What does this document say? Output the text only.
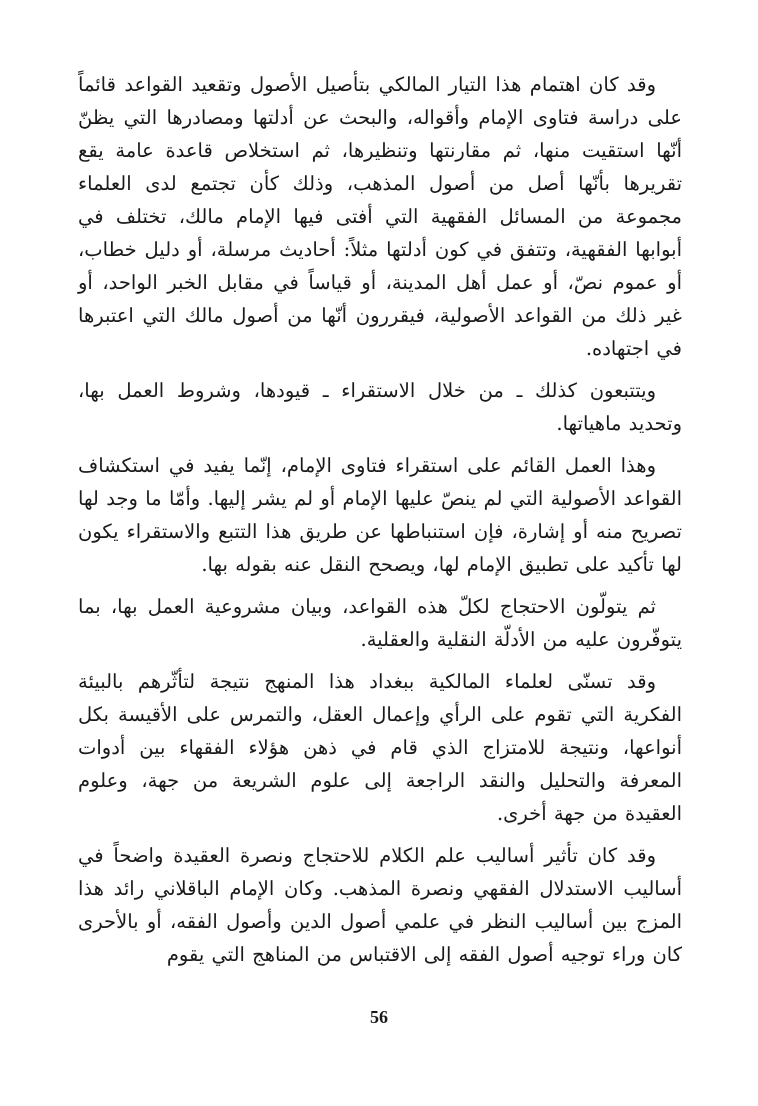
وقد كان اهتمام هذا التيار المالكي بتأصيل الأصول وتقعيد القواعد قائماً على دراسة فتاوى الإمام وأقواله، والبحث عن أدلتها ومصادرها التي يظنّ أنّها استقيت منها، ثم مقارنتها وتنظيرها، ثم استخلاص قاعدة عامة يقع تقريرها بأنّها أصل من أصول المذهب، وذلك كأن تجتمع لدى العلماء مجموعة من المسائل الفقهية التي أفتى فيها الإمام مالك، تختلف في أبوابها الفقهية، وتتفق في كون أدلتها مثلاً: أحاديث مرسلة، أو دليل خطاب، أو عموم نصّ، أو عمل أهل المدينة، أو قياساً في مقابل الخبر الواحد، أو غير ذلك من القواعد الأصولية، فيقررون أنّها من أصول مالك التي اعتبرها في اجتهاده.

ويتتبعون كذلك ـ من خلال الاستقراء ـ قيودها، وشروط العمل بها، وتحديد ماهياتها.

وهذا العمل القائم على استقراء فتاوى الإمام، إنّما يفيد في استكشاف القواعد الأصولية التي لم ينصّ عليها الإمام أو لم يشر إليها. وأمّا ما وجد لها تصريح منه أو إشارة، فإن استنباطها عن طريق هذا التتبع والاستقراء يكون لها تأكيد على تطبيق الإمام لها، ويصحح النقل عنه بقوله بها.

ثم يتولّون الاحتجاج لكلّ هذه القواعد، وبيان مشروعية العمل بها، بما يتوفّرون عليه من الأدلّة النقلية والعقلية.

وقد تسنّى لعلماء المالكية ببغداد هذا المنهج نتيجة لتأثّرهم بالبيئة الفكرية التي تقوم على الرأي وإعمال العقل، والتمرس على الأقيسة بكل أنواعها، ونتيجة للامتزاج الذي قام في ذهن هؤلاء الفقهاء بين أدوات المعرفة والتحليل والنقد الراجعة إلى علوم الشريعة من جهة، وعلوم العقيدة من جهة أخرى.

وقد كان تأثير أساليب علم الكلام للاحتجاج ونصرة العقيدة واضحاً في أساليب الاستدلال الفقهي ونصرة المذهب. وكان الإمام الباقلاني رائد هذا المزج بين أساليب النظر في علمي أصول الدين وأصول الفقه، أو بالأحرى كان وراء توجيه أصول الفقه إلى الاقتباس من المناهج التي يقوم

56
